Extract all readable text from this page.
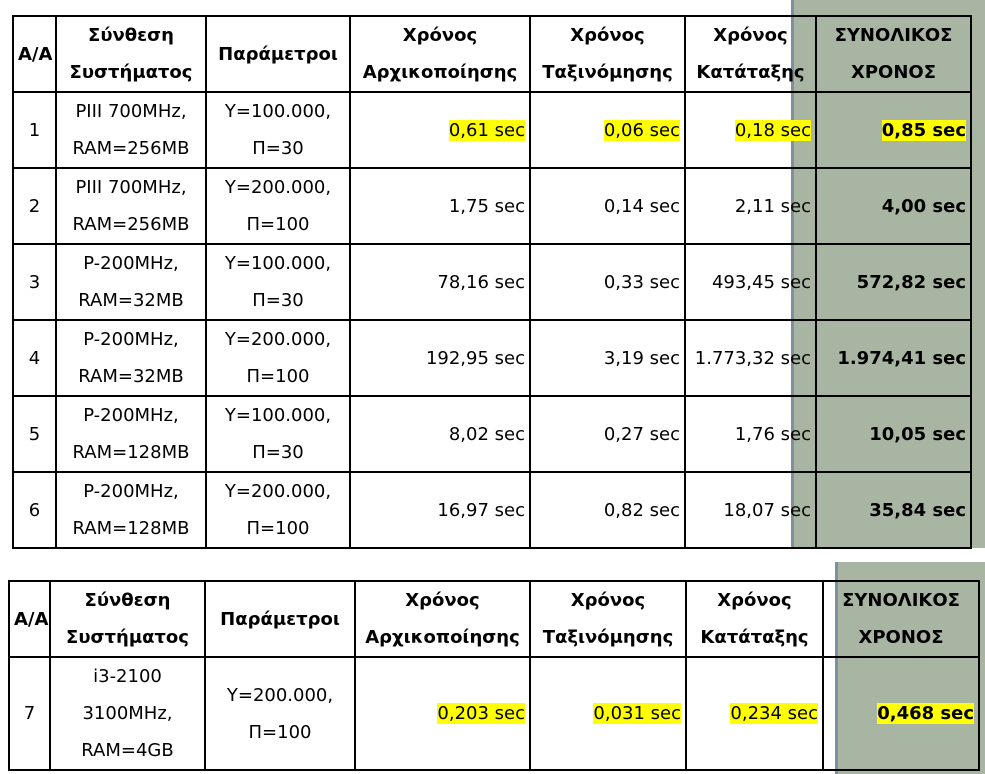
Α/Α	Σύνθεση
Συστήματος	Παράμετροι	Χρόνος
Αρχικοποίησης	Χρόνος
Ταξινόμησης	Χρόνος
Κατάταξης	ΣΥΝΟΛΙΚΟΣ
ΧΡΟΝΟΣ

1	PIII 700MHz,
RAM=256MB	Υ=100.000,
Π=30	0,61 sec	0,06 sec	0,18 sec	0,85 sec
2	PIII 700MHz,
RAM=256MB	Υ=200.000,
Π=100	1,75 sec	0,14 sec	2,11 sec	4,00 sec
3	P-200MHz,
RAM=32MB	Υ=100.000,
Π=30	78,16 sec	0,33 sec	493,45 sec	572,82 sec
4	P-200MHz,
RAM=32MB	Υ=200.000,
Π=100	192,95 sec	3,19 sec	1.773,32 sec	1.974,41 sec
5	P-200MHz,
RAM=128MB	Υ=100.000,
Π=30	8,02 sec	0,27 sec	1,76 sec	10,05 sec
6	P-200MHz,
RAM=128MB	Υ=200.000,
Π=100	16,97 sec	0,82 sec	18,07 sec	35,84 sec
Α/Α	Σύνθεση
Συστήματος	Παράμετροι	Χρόνος
Αρχικοποίησης	Χρόνος
Ταξινόμησης	Χρόνος
Κατάταξης	ΣΥΝΟΛΙΚΟΣ
ΧΡΟΝΟΣ

7	i3-2100
3100MHz,
RAM=4GB	Υ=200.000,
Π=100	0,203 sec	0,031 sec	0,234 sec	0,468 sec
